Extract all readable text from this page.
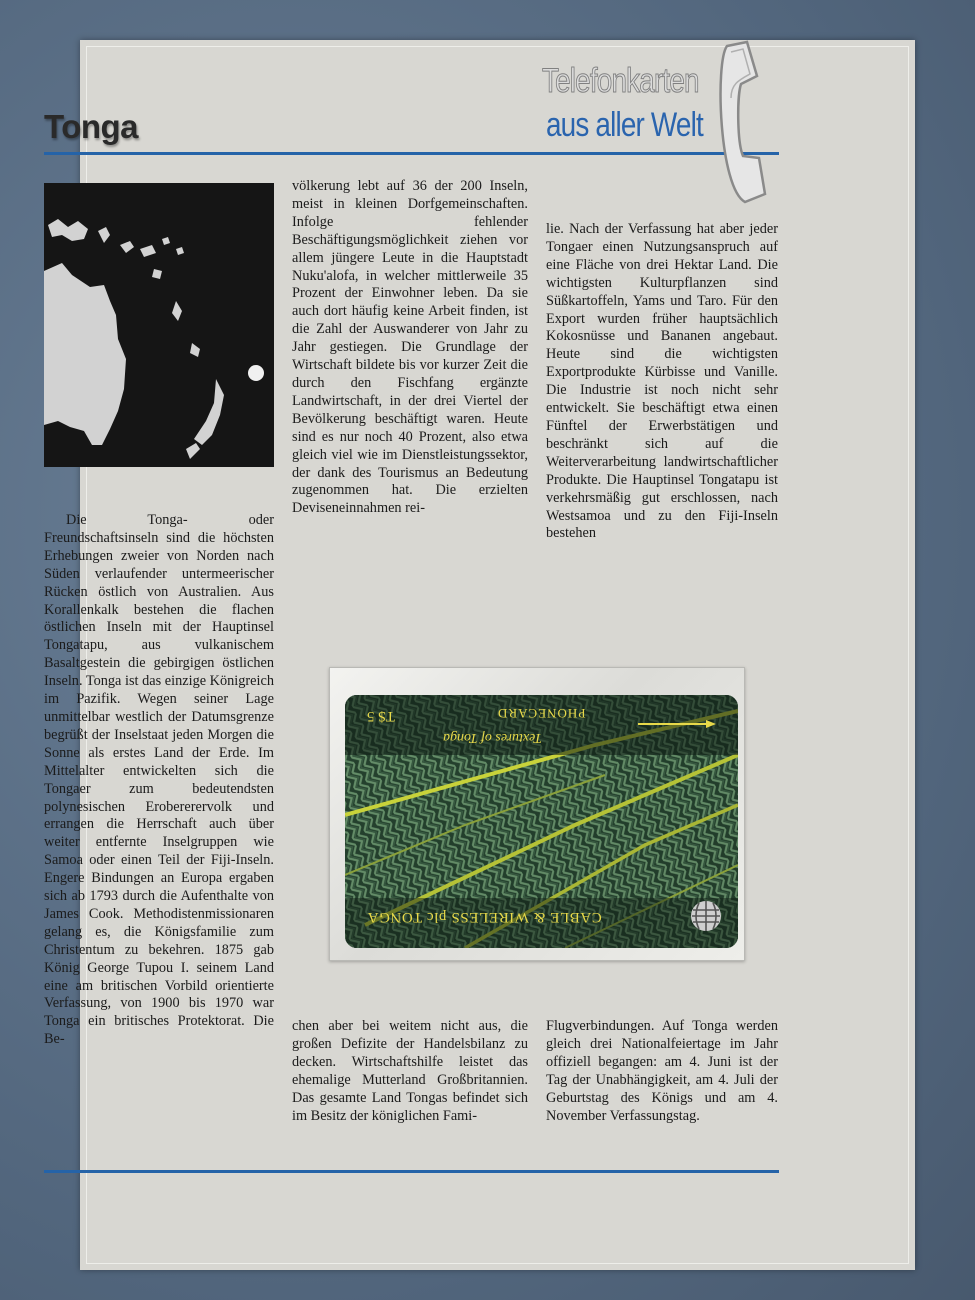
Tonga
Telefonkarten
aus aller Welt

Die Tonga- oder Freundschaftsinseln sind die höchsten Erhebungen zweier von Norden nach Süden verlaufender untermeerischer Rücken östlich von Australien. Aus Korallenkalk bestehen die flachen östlichen Inseln mit der Hauptinsel Tongatapu, aus vulkanischem Basaltgestein die gebirgigen östlichen Inseln. Tonga ist das einzige Königreich im Pazifik. Wegen seiner Lage unmittelbar westlich der Datumsgrenze begrüßt der Inselstaat jeden Morgen die Sonne als erstes Land der Erde. Im Mittelalter entwickelten sich die Tongaer zum bedeutendsten polynesischen Erobererervolk und errangen die Herrschaft auch über weiter entfernte Inselgruppen wie Samoa oder einen Teil der Fiji-Inseln. Engere Bindungen an Europa ergaben sich ab 1793 durch die Aufenthalte von James Cook. Methodistenmissionaren gelang es, die Königsfamilie zum Christentum zu bekehren. 1875 gab König George Tupou I. seinem Land eine am britischen Vorbild orientierte Verfassung, von 1900 bis 1970 war Tonga ein britisches Protektorat. Die Be-

völkerung lebt auf 36 der 200 Inseln, meist in kleinen Dorfgemeinschaften. Infolge fehlender Beschäftigungsmöglichkeit ziehen vor allem jüngere Leute in die Hauptstadt Nuku'alofa, in welcher mittlerweile 35 Prozent der Einwohner leben. Da sie auch dort häufig keine Arbeit finden, ist die Zahl der Auswanderer von Jahr zu Jahr gestiegen. Die Grundlage der Wirtschaft bildete bis vor kurzer Zeit die durch den Fischfang ergänzte Landwirtschaft, in der drei Viertel der Bevölkerung beschäftigt waren. Heute sind es nur noch 40 Prozent, also etwa gleich viel wie im Dienstleistungssektor, der dank des Tourismus an Bedeutung zugenommen hat. Die erzielten Deviseneinnahmen rei-

lie. Nach der Verfassung hat aber jeder Tongaer einen Nutzungsanspruch auf eine Fläche von drei Hektar Land. Die wichtigsten Kulturpflanzen sind Süßkartoffeln, Yams und Taro. Für den Export wurden früher hauptsächlich Kokosnüsse und Bananen angebaut. Heute sind die wichtigsten Exportprodukte Kürbisse und Vanille. Die Industrie ist noch nicht sehr entwickelt. Sie beschäftigt etwa einen Fünftel der Erwerbstätigen und beschränkt sich auf die Weiterverarbeitung landwirtschaftlicher Produkte. Die Hauptinsel Tongatapu ist verkehrsmäßig gut erschlossen, nach Westsamoa und zu den Fiji-Inseln bestehen

chen aber bei weitem nicht aus, die großen Defizite der Handelsbilanz zu decken. Wirtschaftshilfe leistet das ehemalige Mutterland Großbritannien. Das gesamte Land Tongas befindet sich im Besitz der königlichen Fami-

Flugverbindungen. Auf Tonga werden gleich drei Nationalfeiertage im Jahr offiziell begangen: am 4. Juni ist der Tag der Unabhängigkeit, am 4. Juli der Geburtstag des Königs und am 4. November Verfassungstag.

T$ 5	PHONECARD
Textures of Tonga
CABLE & WIRELESS plc TONGA
